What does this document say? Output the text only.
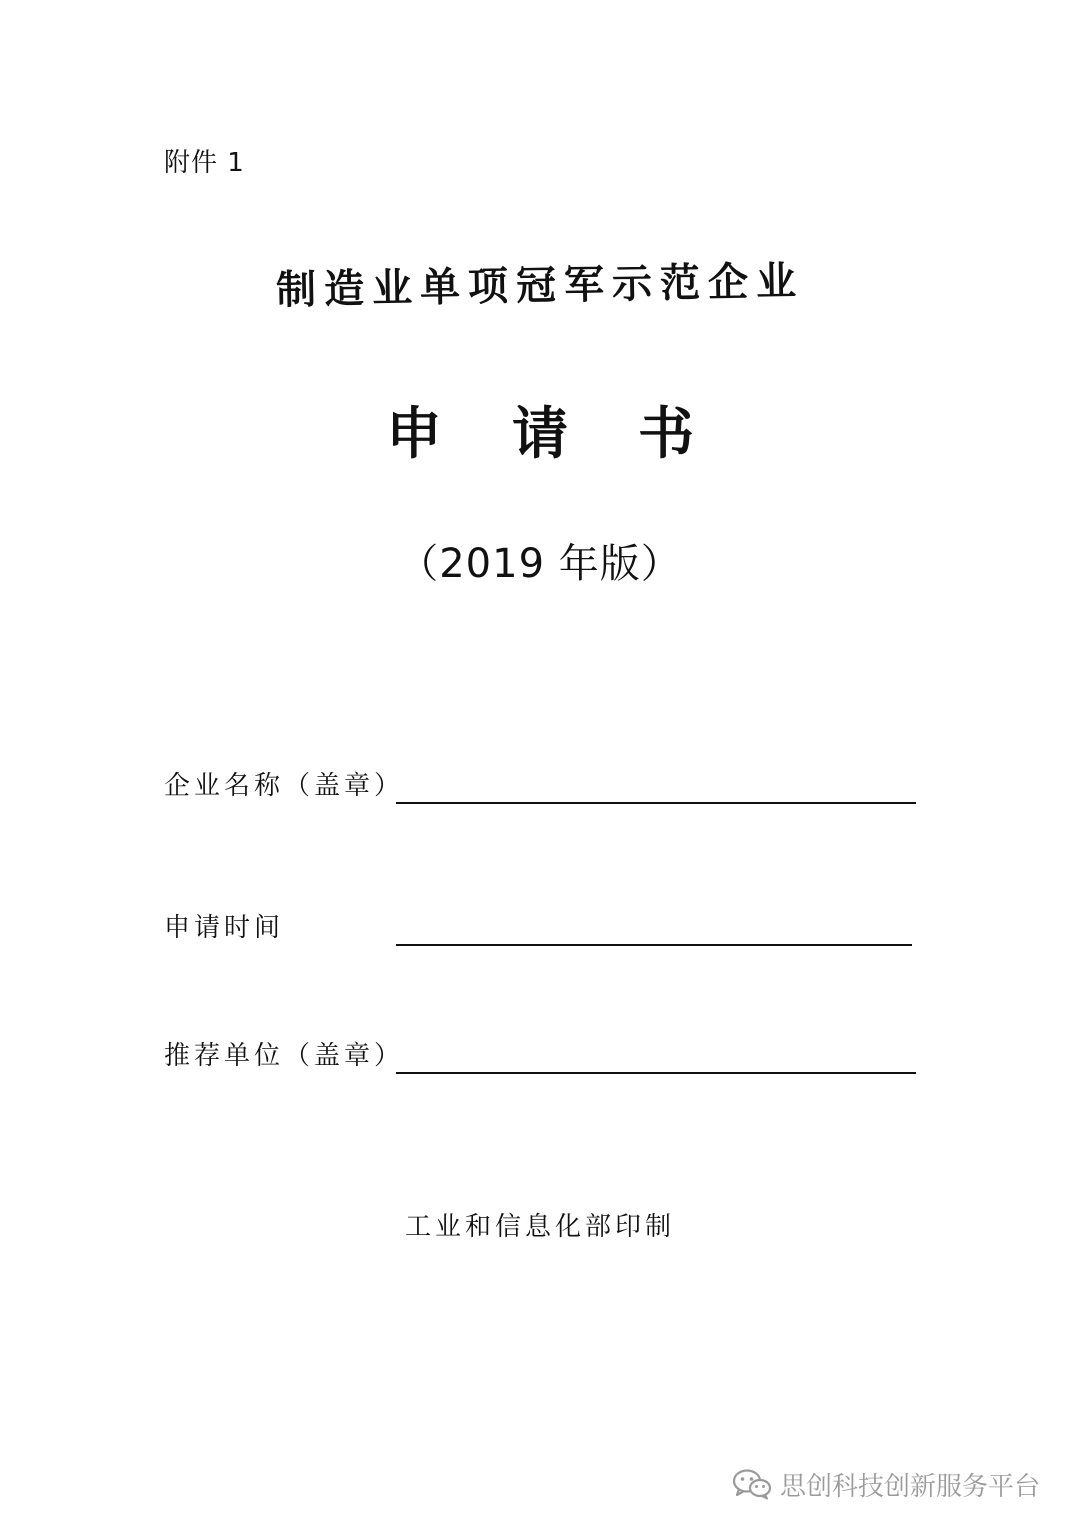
附件 1
制造业单项冠军示范企业
申请书
（2019 年版）
企业名称（盖章）
申请时间
推荐单位（盖章）
工业和信息化部印制
思创科技创新服务平台
